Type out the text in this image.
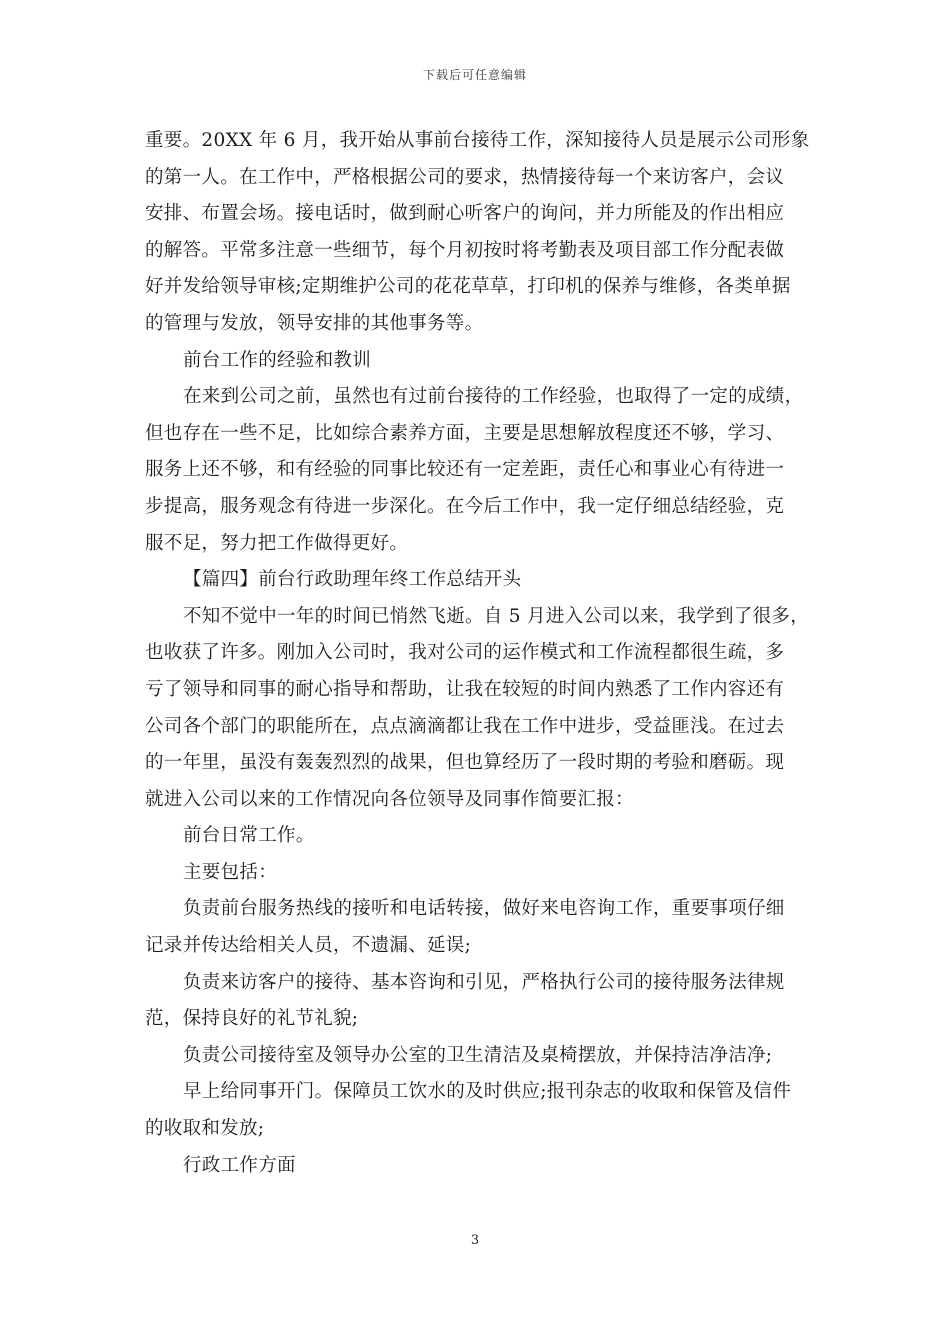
下载后可任意编辑
重要。20XX 年 6 月，我开始从事前台接待工作，深知接待人员是展示公司形象
的第一人。在工作中，严格根据公司的要求，热情接待每一个来访客户，会议
安排、布置会场。接电话时，做到耐心听客户的询问，并力所能及的作出相应
的解答。平常多注意一些细节，每个月初按时将考勤表及项目部工作分配表做
好并发给领导审核;定期维护公司的花花草草，打印机的保养与维修，各类单据
的管理与发放，领导安排的其他事务等。
前台工作的经验和教训
在来到公司之前，虽然也有过前台接待的工作经验，也取得了一定的成绩，
但也存在一些不足，比如综合素养方面，主要是思想解放程度还不够，学习、
服务上还不够，和有经验的同事比较还有一定差距，责任心和事业心有待进一
步提高，服务观念有待进一步深化。在今后工作中，我一定仔细总结经验，克
服不足，努力把工作做得更好。
【篇四】前台行政助理年终工作总结开头
不知不觉中一年的时间已悄然飞逝。自 5 月进入公司以来，我学到了很多，
也收获了许多。刚加入公司时，我对公司的运作模式和工作流程都很生疏，多
亏了领导和同事的耐心指导和帮助，让我在较短的时间内熟悉了工作内容还有
公司各个部门的职能所在，点点滴滴都让我在工作中进步，受益匪浅。在过去
的一年里，虽没有轰轰烈烈的战果，但也算经历了一段时期的考验和磨砺。现
就进入公司以来的工作情况向各位领导及同事作简要汇报：
前台日常工作。
主要包括：
负责前台服务热线的接听和电话转接，做好来电咨询工作，重要事项仔细
记录并传达给相关人员，不遗漏、延误;
负责来访客户的接待、基本咨询和引见，严格执行公司的接待服务法律规
范，保持良好的礼节礼貌;
负责公司接待室及领导办公室的卫生清洁及桌椅摆放，并保持洁净洁净;
早上给同事开门。保障员工饮水的及时供应;报刊杂志的收取和保管及信件
的收取和发放;
行政工作方面
3
